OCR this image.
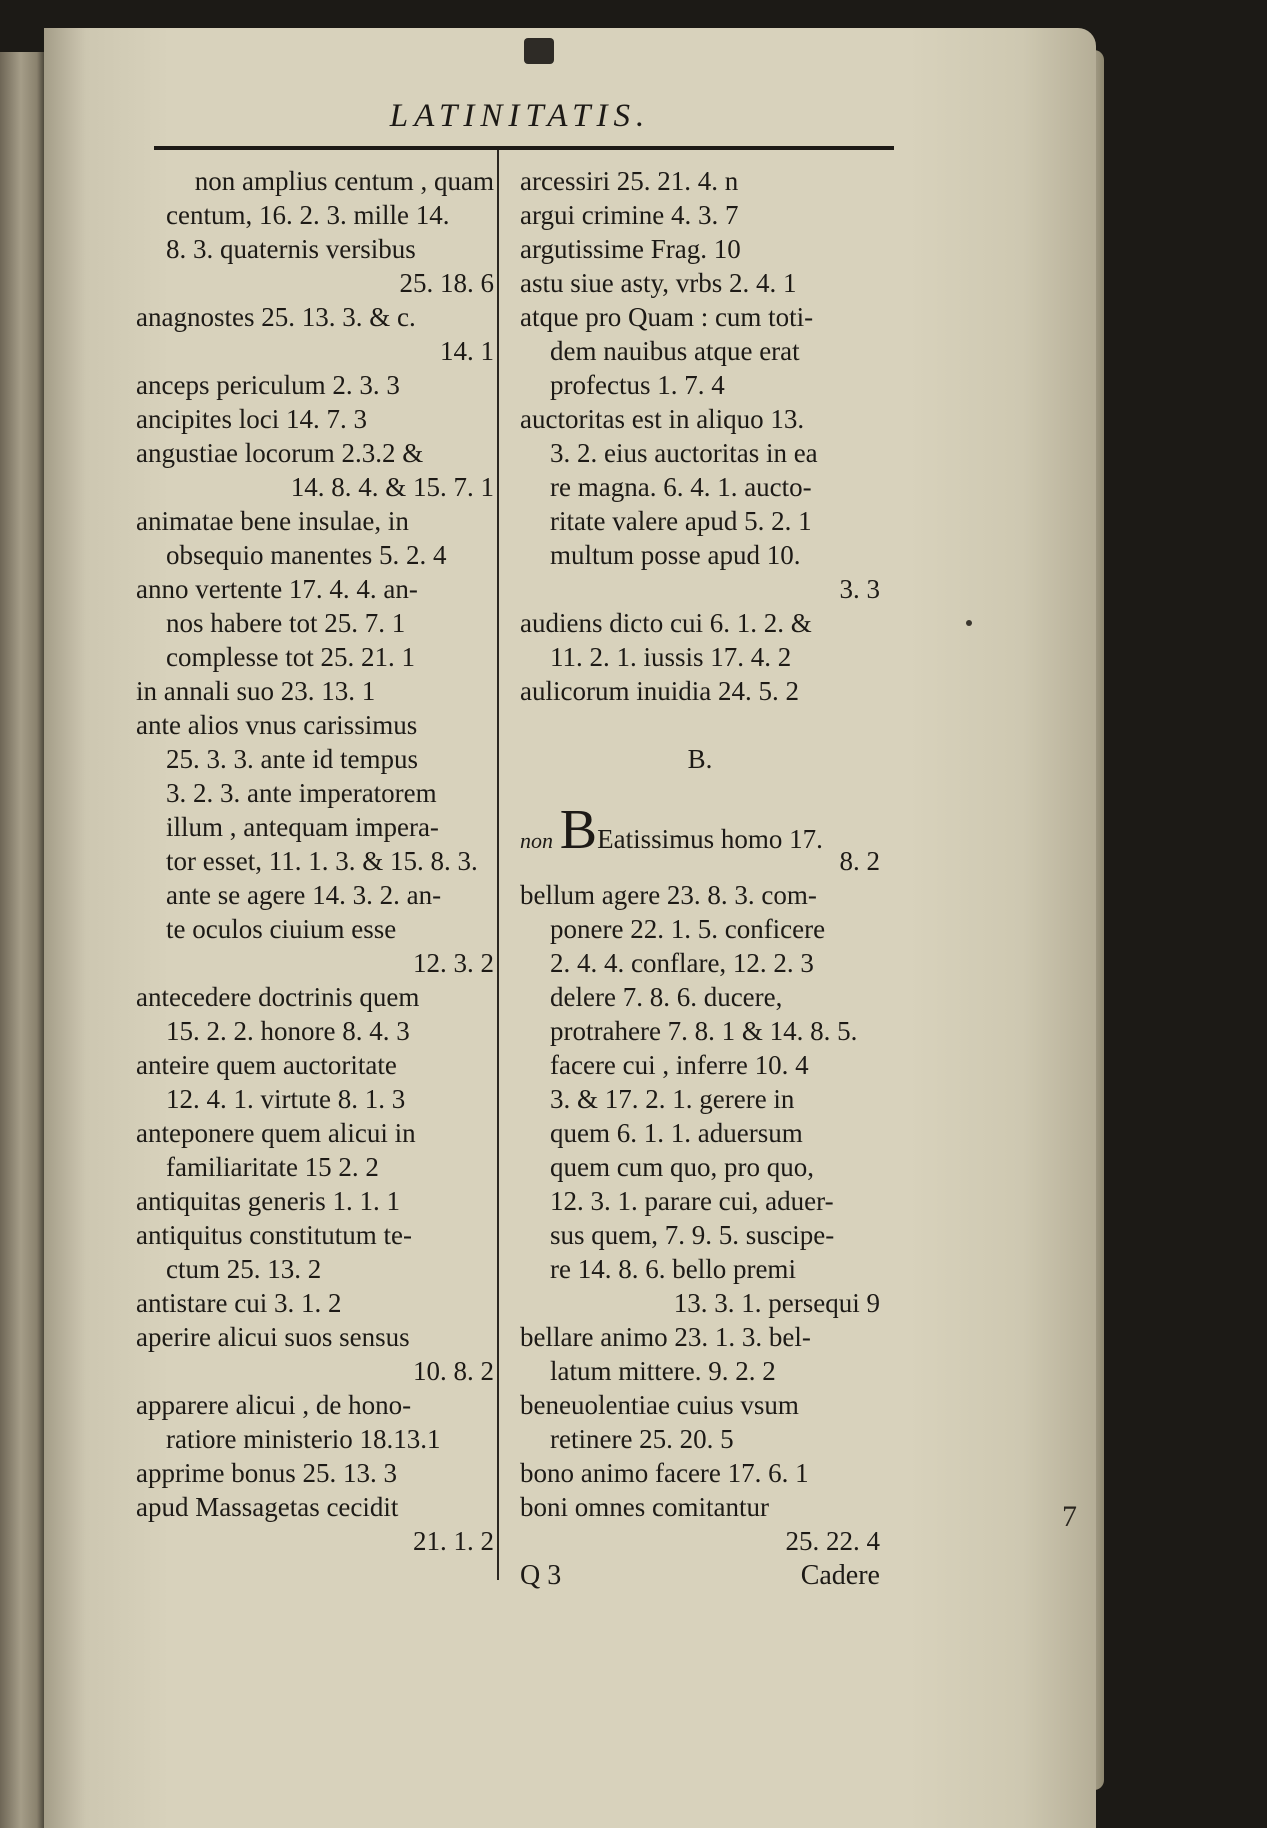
LATINITATIS.
non amplius centum , quam
centum, 16. 2. 3. mille 14.
8. 3. quaternis versibus
25. 18. 6
anagnostes 25. 13. 3. & c.
14. 1
anceps periculum 2. 3. 3
ancipites loci 14. 7. 3
angustiae locorum 2.3.2 &
14. 8. 4. & 15. 7. 1
animatae bene insulae, in
obsequio manentes 5. 2. 4
anno vertente 17. 4. 4. an-
nos habere tot 25. 7. 1
complesse tot 25. 21. 1
in annali suo 23. 13. 1
ante alios vnus carissimus
25. 3. 3. ante id tempus
3. 2. 3. ante imperatorem
illum , antequam impera-
tor esset, 11. 1. 3. & 15. 8. 3.
ante se agere 14. 3. 2. an-
te oculos ciuium esse
12. 3. 2
antecedere doctrinis quem
15. 2. 2. honore 8. 4. 3
anteire quem auctoritate
12. 4. 1. virtute 8. 1. 3
anteponere quem alicui in
familiaritate 15 2. 2
antiquitas generis 1. 1. 1
antiquitus constitutum te-
ctum 25. 13. 2
antistare cui 3. 1. 2
aperire alicui suos sensus
10. 8. 2
apparere alicui , de hono-
ratiore ministerio 18.13.1
apprime bonus 25. 13. 3
apud Massagetas cecidit
21. 1. 2
arcessiri 25. 21. 4. n
argui crimine 4. 3. 7
argutissime Frag. 10
astu siue asty, vrbs 2. 4. 1
atque pro Quam : cum toti-
dem nauibus atque erat
profectus 1. 7. 4
auctoritas est in aliquo 13.
3. 2. eius auctoritas in ea
re magna. 6. 4. 1. aucto-
ritate valere apud 5. 2. 1
multum posse apud 10.
3. 3
audiens dicto cui 6. 1. 2. &
11. 2. 1. iussis 17. 4. 2
aulicorum inuidia 24. 5. 2
B.
non BEatissimus homo 17.
8. 2
bellum agere 23. 8. 3. com-
ponere 22. 1. 5. conficere
2. 4. 4. conflare, 12. 2. 3
delere 7. 8. 6. ducere,
protrahere 7. 8. 1 & 14. 8. 5.
facere cui , inferre 10. 4
3. & 17. 2. 1. gerere in
quem 6. 1. 1. aduersum
quem cum quo, pro quo,
12. 3. 1. parare cui, aduer-
sus quem, 7. 9. 5. suscipe-
re 14. 8. 6. bello premi
13. 3. 1. persequi 9
bellare animo 23. 1. 3. bel-
latum mittere. 9. 2. 2
beneuolentiae cuius vsum
retinere 25. 20. 5
bono animo facere 17. 6. 1
boni omnes comitantur
25. 22. 4
Q 3	Cadere
7
